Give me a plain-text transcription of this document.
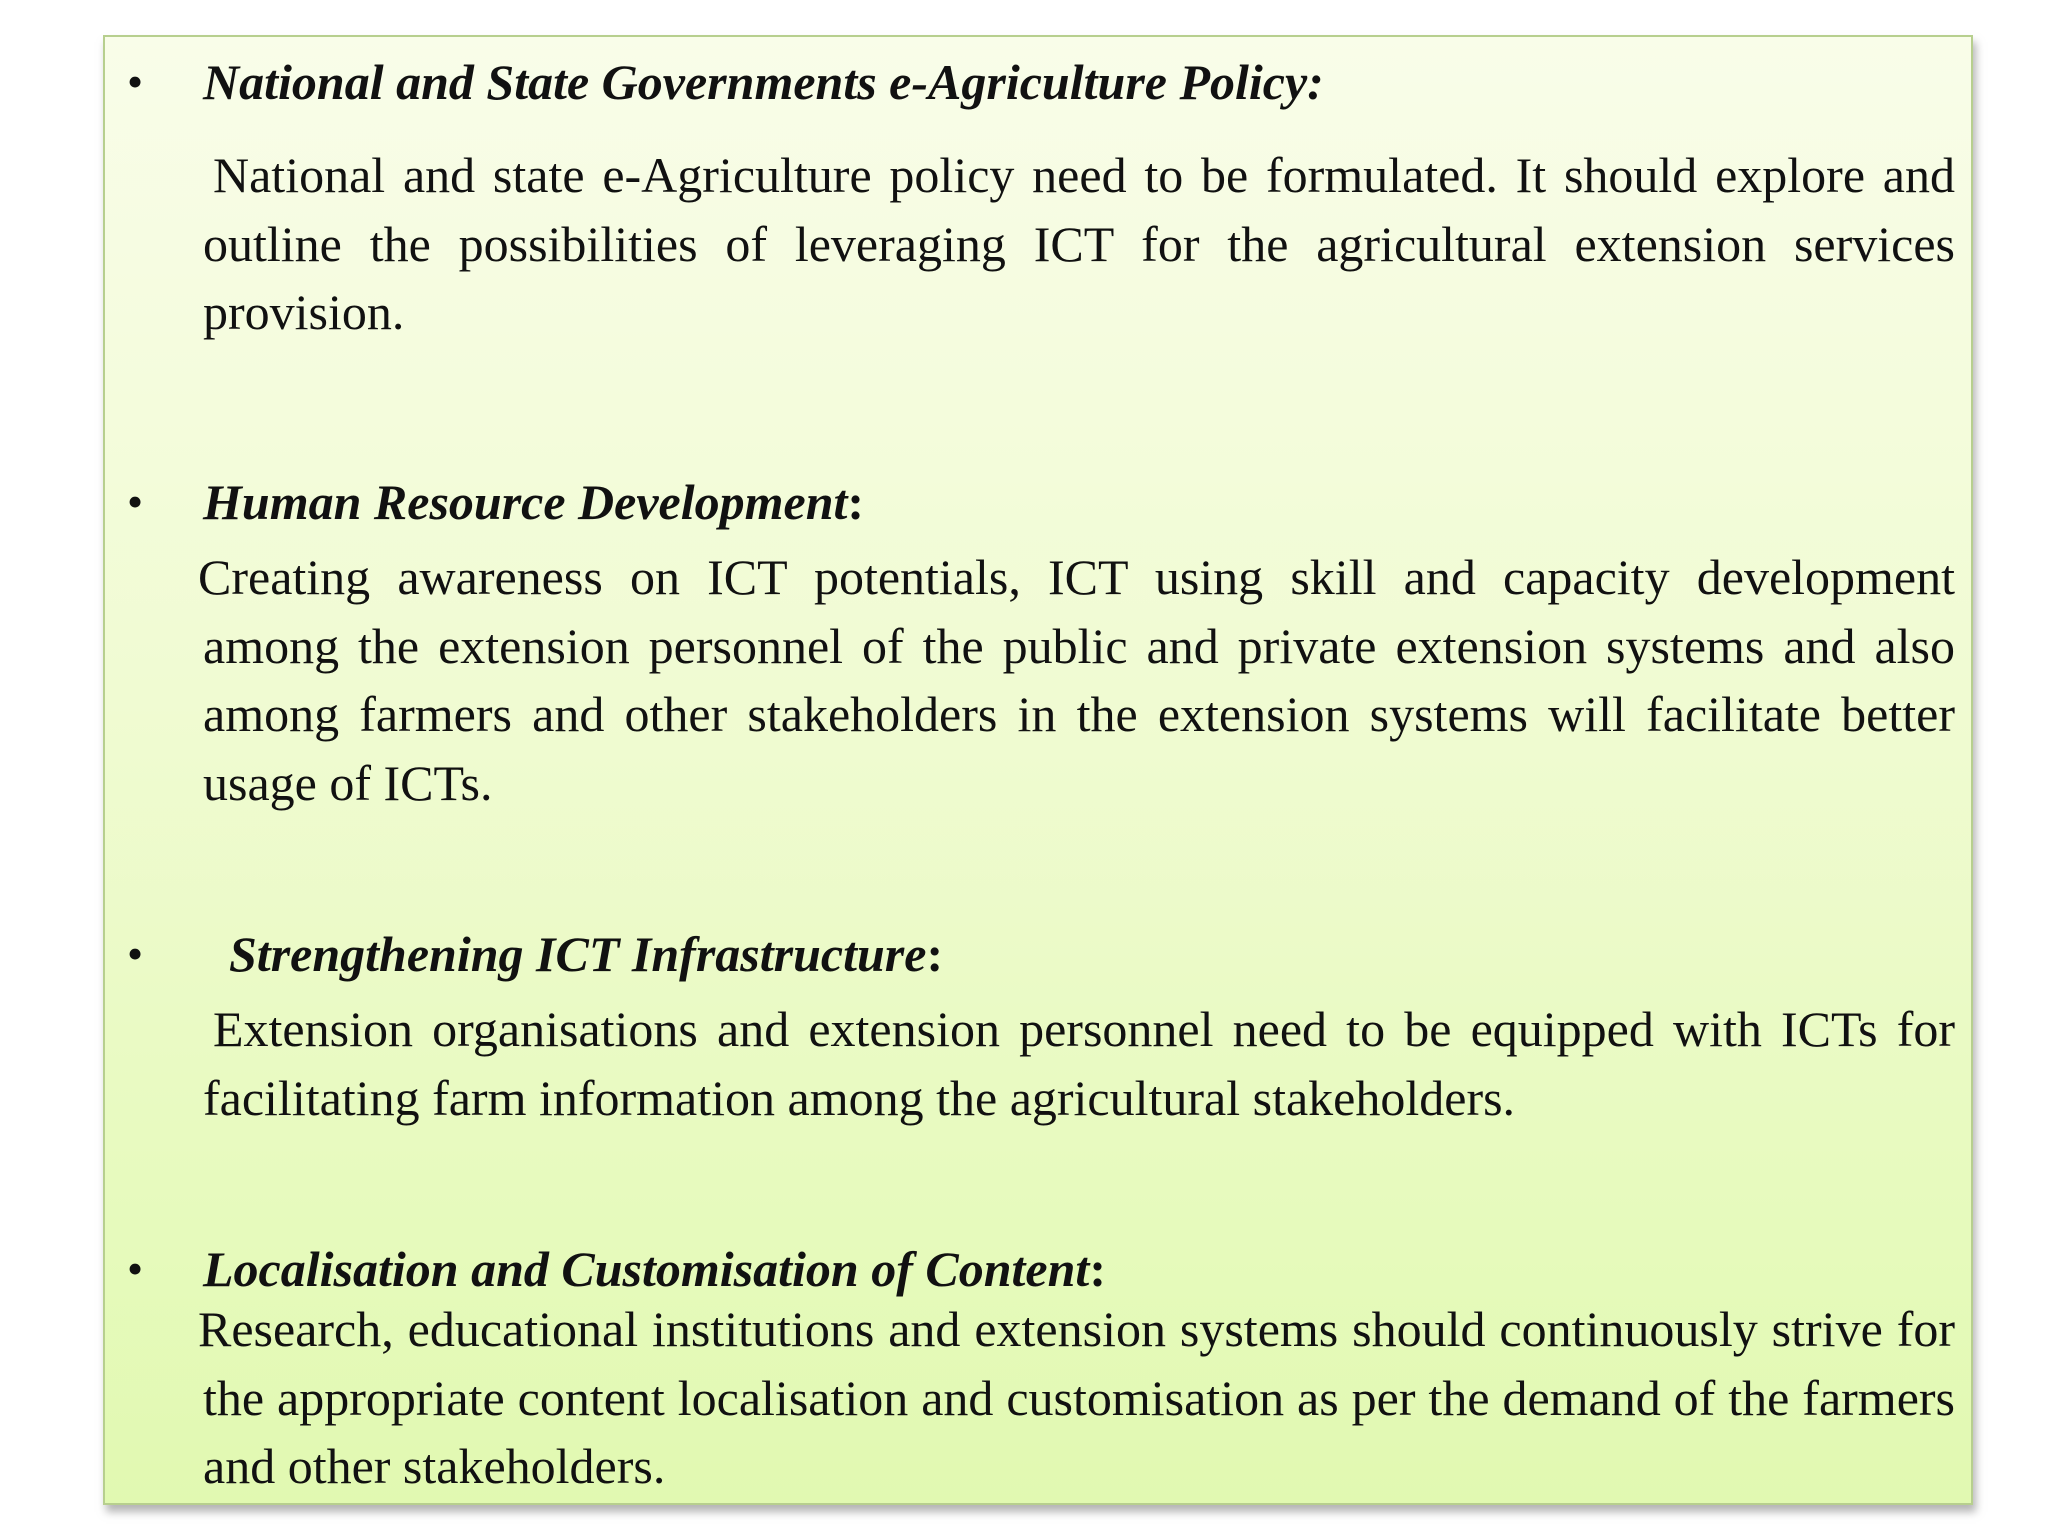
• National and State Governments e-Agriculture Policy:
National and state e-Agriculture policy need to be formulated. It should explore and outline the possibilities of leveraging ICT for the agricultural extension services provision.
• Human Resource Development:
Creating awareness on ICT potentials, ICT using skill and capacity development among the extension personnel of the public and private extension systems and also among farmers and other stakeholders in the extension systems will facilitate better usage of ICTs.
• Strengthening ICT Infrastructure:
Extension organisations and extension personnel need to be equipped with ICTs for facilitating farm information among the agricultural stakeholders.
• Localisation and Customisation of Content:
Research, educational institutions and extension systems should continuously strive for the appropriate content localisation and customisation as per the demand of the farmers and other stakeholders.
